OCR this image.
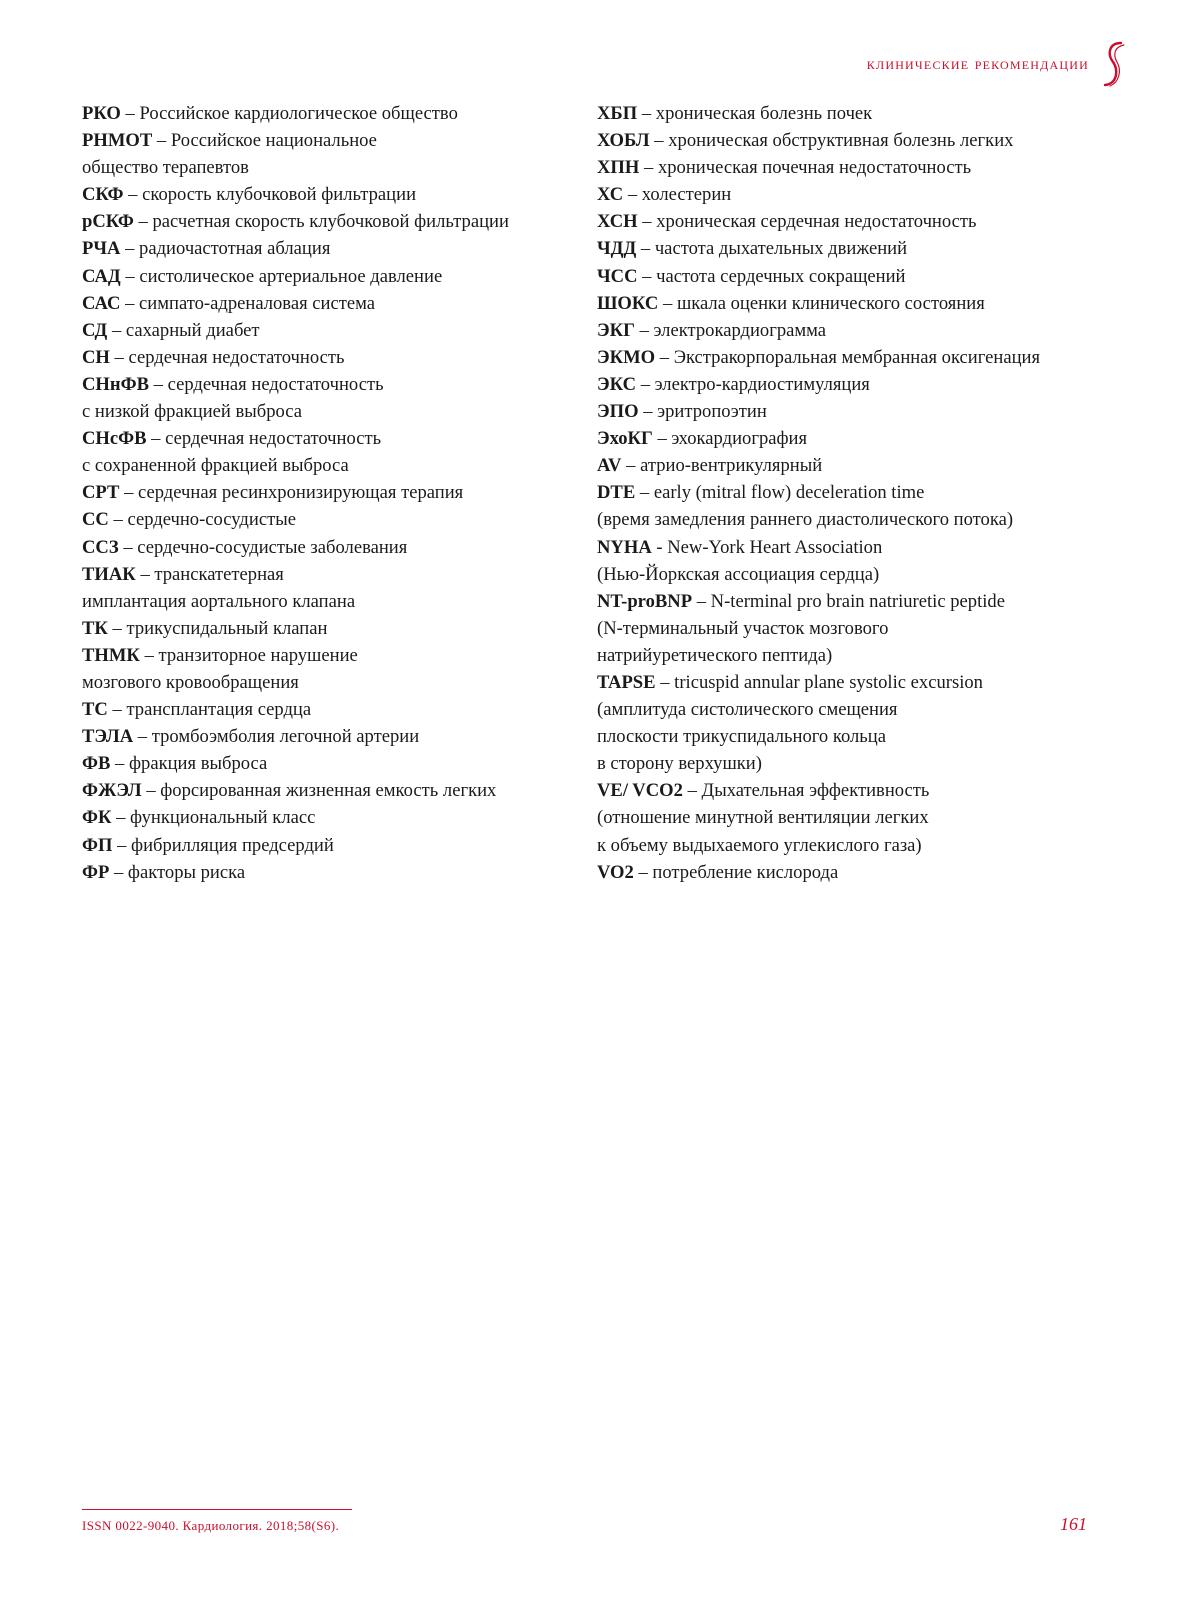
клинические рекомендации
РКО – Российское кардиологическое общество
РНМОТ – Российское национальное
общество терапевтов
СКФ – скорость клубочковой фильтрации
рСКФ – расчетная скорость клубочковой фильтрации
РЧА – радиочастотная аблация
САД – систолическое артериальное давление
САС – симпато-адреналовая система
СД – сахарный диабет
СН – сердечная недостаточность
СНнФВ – сердечная недостаточность
с низкой фракцией выброса
СНсФВ – сердечная недостаточность
с сохраненной фракцией выброса
СРТ – сердечная ресинхронизирующая терапия
СС – сердечно-сосудистые
ССЗ – сердечно-сосудистые заболевания
ТИАК – транскатетерная
имплантация аортального клапана
ТК – трикуспидальный клапан
ТНМК – транзиторное нарушение
мозгового кровообращения
ТС – трансплантация сердца
ТЭЛА – тромбоэмболия легочной артерии
ФВ – фракция выброса
ФЖЭЛ – форсированная жизненная емкость легких
ФК – функциональный класс
ФП – фибрилляция предсердий
ФР – факторы риска
ХБП – хроническая болезнь почек
ХОБЛ – хроническая обструктивная болезнь легких
ХПН – хроническая почечная недостаточность
ХС – холестерин
ХСН – хроническая сердечная недостаточность
ЧДД – частота дыхательных движений
ЧСС – частота сердечных сокращений
ШОКС – шкала оценки клинического состояния
ЭКГ – электрокардиограмма
ЭКМО – Экстракорпоральная мембранная оксигенация
ЭКС – электро-кардиостимуляция
ЭПО – эритропоэтин
ЭхоКГ – эхокардиография
AV – атрио-вентрикулярный
DTE – early (mitral flow) deceleration time
(время замедления раннего диастолического потока)
NYHA - New-York Heart Association
(Нью-Йоркская ассоциация сердца)
NT-proBNP – N-terminal pro brain natriuretic peptide
(N-терминальный участок мозгового
натрийуретического пептида)
TAPSE – tricuspid annular plane systolic excursion
(амплитуда систолического смещения
плоскости трикуспидального кольца
в сторону верхушки)
VE/ VCO2 – Дыхательная эффективность
(отношение минутной вентиляции легких
к объему выдыхаемого углекислого газа)
VO2 – потребление кислорода
ISSN 0022-9040. Кардиология. 2018;58(S6).	161
